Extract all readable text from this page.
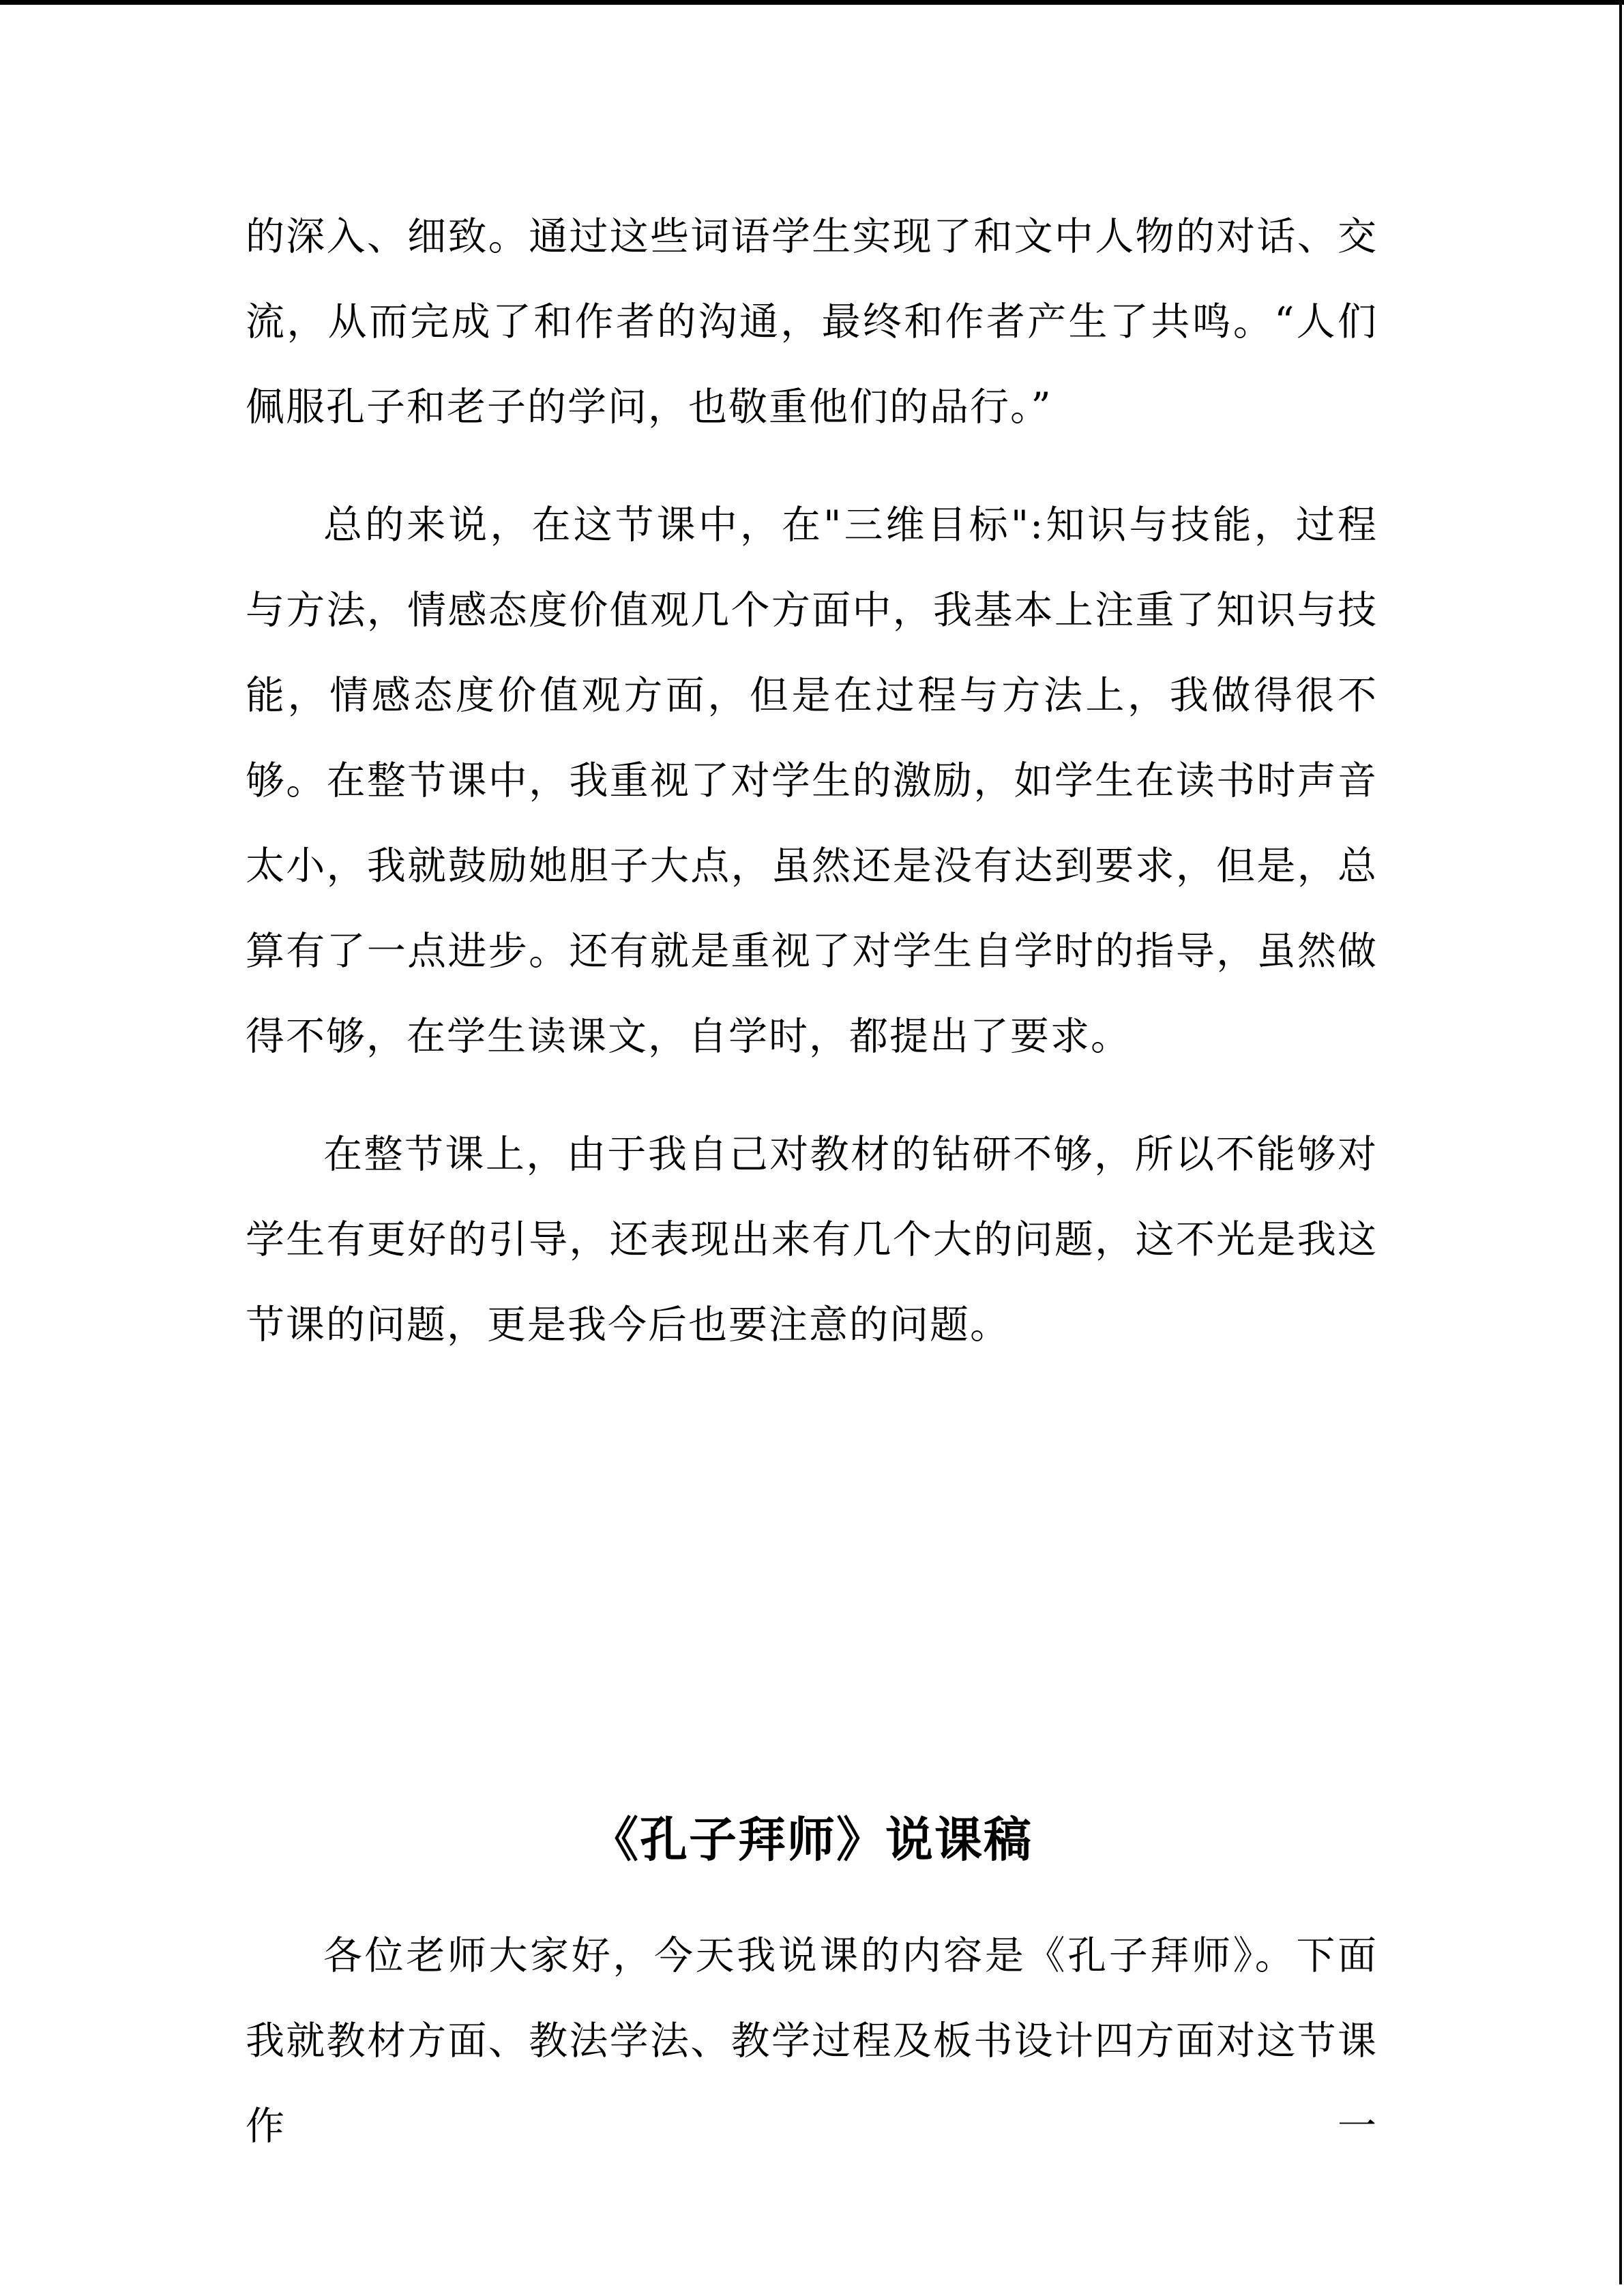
的深入、细致。通过这些词语学生实现了和文中人物的对话、交流，从而完成了和作者的沟通，最终和作者产生了共鸣。“人们佩服孔子和老子的学问，也敬重他们的品行。”

总的来说，在这节课中，在"三维目标":知识与技能，过程与方法，情感态度价值观几个方面中，我基本上注重了知识与技能，情感态度价值观方面，但是在过程与方法上，我做得很不够。在整节课中，我重视了对学生的激励，如学生在读书时声音太小，我就鼓励她胆子大点，虽然还是没有达到要求，但是，总算有了一点进步。还有就是重视了对学生自学时的指导，虽然做得不够，在学生读课文，自学时，都提出了要求。

在整节课上，由于我自己对教材的钻研不够，所以不能够对学生有更好的引导，还表现出来有几个大的问题，这不光是我这节课的问题，更是我今后也要注意的问题。

《孔子拜师》说课稿

各位老师大家好，今天我说课的内容是《孔子拜师》。下面我就教材方面、教法学法、教学过程及板书设计四方面对这节课作一
